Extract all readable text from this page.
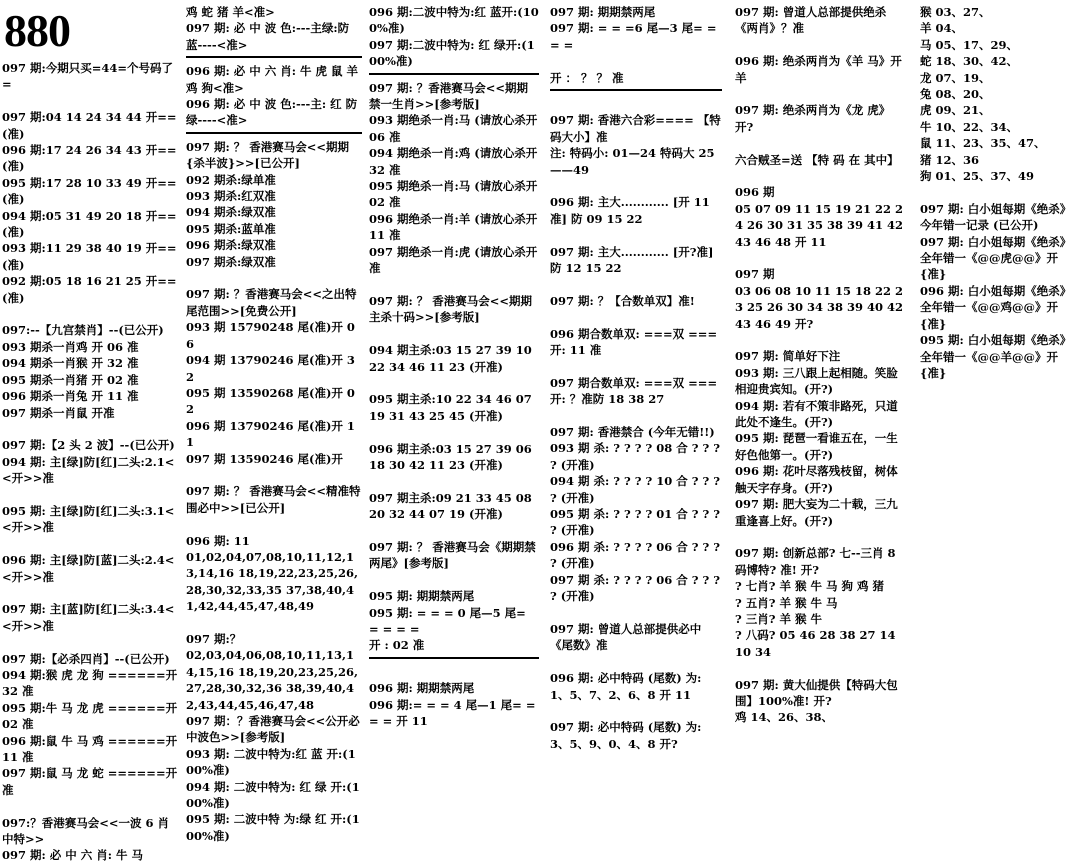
880
097 期:今期只买=44=个号码了=
097 期:04 14 24 34 44 开==(准)
096 期:17 24 26 34 43 开==(准)
095 期:17 28 10 33 49 开==(准)
094 期:05 31 49 20 18 开==(准)
093 期:11 29 38 40 19 开==(准)
092 期:05 18 16 21 25 开==(准)
097:--【九宫禁肖】--(已公开)
093 期杀一肖鸡 开 06 准
094 期杀一肖猴 开 32 准
095 期杀一肖猪 开 02 准
096 期杀一肖兔 开 11 准
097 期杀一肖鼠 开准
097 期:【2 头 2 波】--(已公开)
094 期: 主[绿]防[红]二头:2.1<<开>>准
095 期: 主[绿]防[红]二头:3.1<<开>>准
096 期: 主[绿]防[蓝]二头:2.4<<开>>准
097 期: 主[蓝]防[红]二头:3.4<<开>>准
097 期:【必杀四肖】--(已公开)
094 期:猴 虎 龙 狗 ======开 32 准
095 期:牛 马 龙 虎 ======开 02 准
096 期:鼠 牛 马 鸡 ======开 11 准
097 期:鼠 马 龙 蛇 ======开准
097:？香港赛马会<<一波 6 肖中特>>
097 期: 必 中 六 肖: 牛 马
鸡 蛇 猪 羊<准>
097 期: 必 中 波 色:---主绿:防蓝----<准>
096 期: 必 中 六 肖: 牛 虎 鼠 羊 鸡 狗<准>
096 期: 必 中 波 色:---主: 红 防绿----<准>
097 期: ？ 香港赛马会<<期期{杀半波}>>[已公开]
092 期杀:绿单准
093 期杀:红双准
094 期杀:绿双准
095 期杀:蓝单准
096 期杀:绿双准
097 期杀:绿双准
097 期: ？香港赛马会<<之出特尾范围>>[免费公开]
093 期 15790248 尾(准)开 06
094 期 13790246 尾(准)开 32
095 期 13590268 尾(准)开 02
096 期 13790246 尾(准)开 11
097 期 13590246 尾(准)开
097 期: ？ 香港赛马会<<精准特围必中>>[已公开]
096 期: 11
01,02,04,07,08,10,11,12,13,14,16 18,19,22,23,25,26,28,30,32,33,35 37,38,40,41,42,44,45,47,48,49
097 期:？
02,03,04,06,08,10,11,13,14,15,16 18,19,20,23,25,26,27,28,30,32,36 38,39,40,42,43,44,45,46,47,48
097 期：？香港赛马会<<公开必中波色>>[参考版]
093 期: 二波中特为:红 蓝 开:(100%准)
094 期: 二波中特为: 红 绿 开:(100%准)
095 期: 二波中特 为:绿 红 开:(100%准)
096 期:二波中特为:红 蓝开:(100%准)
097 期:二波中特为: 红 绿开:(100%准)
097 期: ？香港赛马会<<期期禁一生肖>>[参考版]
093 期绝杀一肖:马 (请放心杀开 06 准
094 期绝杀一肖:鸡 (请放心杀开 32 准
095 期绝杀一肖:马 (请放心杀开 02 准
096 期绝杀一肖:羊 (请放心杀开 11 准
097 期绝杀一肖:虎 (请放心杀开准
097 期: ？ 香港赛马会<<期期主杀十码>>[参考版]
094 期主杀:03 15 27 39 10 22 34 46 11 23 (开准)
095 期主杀:10 22 34 46 07 19 31 43 25 45 (开准)
096 期主杀:03 15 27 39 06 18 30 42 11 23 (开准)
097 期主杀:09 21 33 45 08 20 32 44 07 19 (开准)
097 期: ？ 香港赛马会《期期禁两尾》[参考版]
095 期: 期期禁两尾
095 期: = = = 0 尾—5 尾= = = = =
开 : 02 准
096 期: 期期禁两尾
096 期:= = = 4 尾—1 尾= = = = 开 11
097 期: 期期禁两尾
097 期: = = =6 尾—3 尾= = = =
开 ： ？ ？ 准
097 期: 香港六合彩==== 【特码大小】准
注: 特码小: 01—24 特码大 25——49
096 期: 主大............ [开 11 准] 防 09 15 22
097 期: 主大............ [开?准] 防 12 15 22
097 期: ？【合数单双】准!
096 期合数单双: ===双 ===开: 11 准
097 期合数单双: ===双 ===开: ？准防 18 38 27
097 期: 香港禁合 (今年无错!!)
093 期 杀: ? ? ? ? 08 合 ? ? ? ? (开准)
094 期 杀: ? ? ? ? 10 合 ? ? ? ? (开准)
095 期 杀: ? ? ? ? 01 合 ? ? ? ? (开准)
096 期 杀: ? ? ? ? 06 合 ? ? ? ? (开准)
097 期 杀: ? ? ? ? 06 合 ? ? ? ? (开准)
097 期: 曾道人总部提供必中《尾数》准
096 期: 必中特码 (尾数) 为: 1、5、7、2、6、8 开 11
097 期: 必中特码 (尾数) 为: 3、5、9、0、4、8 开?
097 期: 曾道人总部提供绝杀《两肖》？准
096 期: 绝杀两肖为《羊 马》开羊
097 期: 绝杀两肖为《龙 虎》开?
六合贼圣=送 【特 码 在 其中】
096 期
05 07 09 11 15 19 21 22 24 26 30 31 35 38 39 41 42 43 46 48 开 11
097 期
03 06 08 10 11 15 18 22 23 25 26 30 34 38 39 40 42 43 46 49 开?
097 期: 简单好下注
093 期: 三八跟上起相随。笑脸相迎贵宾知。(开?)
094 期: 若有不策非路死，只道此处不逢生。(开?)
095 期: 琵琶一看谁五在，一生好色他第一。(开?)
096 期: 花叶尽落残枝留，树体触天字存身。(开?)
097 期: 肥大妄为二十载，三九重逢喜上好。(开?)
097 期: 创新总部? 七--三肖 8 码博特? 准! 开?
? 七肖? 羊 猴 牛 马 狗 鸡 猪
? 五肖? 羊 猴 牛 马
? 三肖? 羊 猴 牛
? 八码? 05 46 28 38 27 14 10 34
097 期: 黄大仙提供【特码大包围】100%准! 开?
鸡 14、26、38、
猴 03、27、
羊 04、
马 05、17、29、
蛇 18、30、42、
龙 07、19、
兔 08、20、
虎 09、21、
牛 10、22、34、
鼠 11、23、35、47、
猪 12、36
狗 01、25、37、49
097 期: 白小姐每期《绝杀》今年错一记录 (已公开)
097 期: 白小姐每期《绝杀》全年错一《@@虎@@》开{准}
096 期: 白小姐每期《绝杀》全年错一《@@鸡@@》开{准}
095 期: 白小姐每期《绝杀》全年错一《@@羊@@》开{准}
